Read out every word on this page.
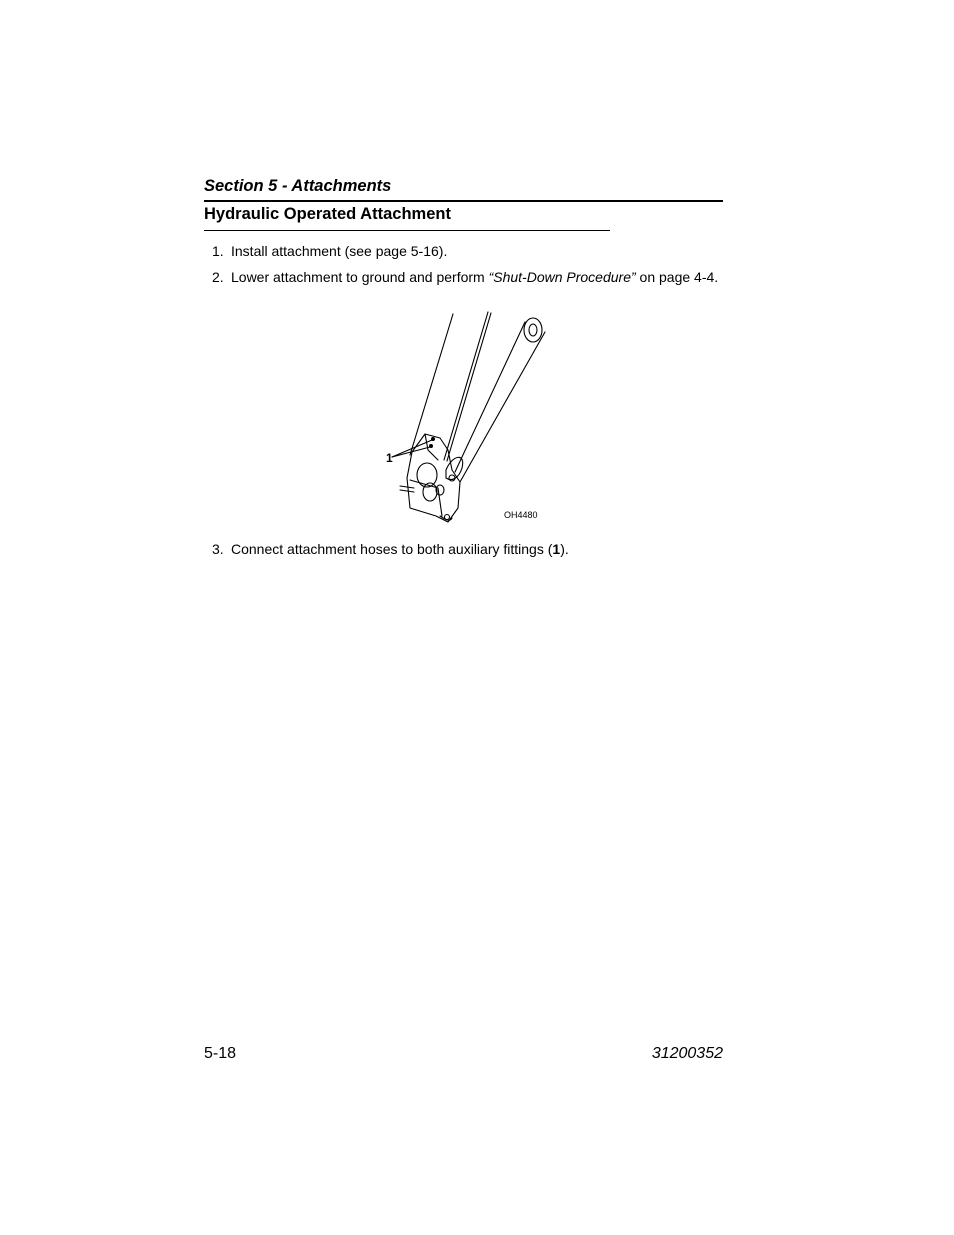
Section 5 - Attachments
Hydraulic Operated Attachment
1. Install attachment (see page 5-16).
2. Lower attachment to ground and perform “Shut-Down Procedure” on page 4-4.
1
OH4480
3. Connect attachment hoses to both auxiliary fittings (1).
5-18	31200352
